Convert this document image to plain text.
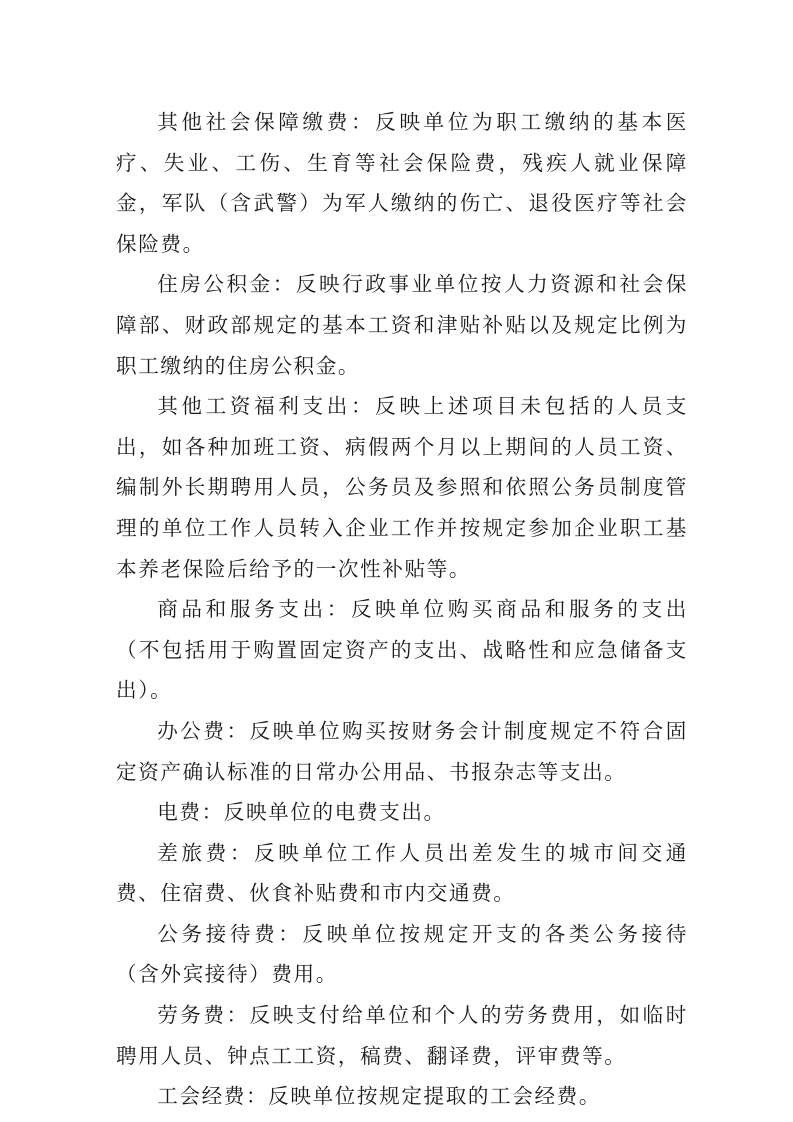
其他社会保障缴费：反映单位为职工缴纳的基本医疗、失业、工伤、生育等社会保险费，残疾人就业保障金，军队（含武警）为军人缴纳的伤亡、退役医疗等社会保险费。

住房公积金：反映行政事业单位按人力资源和社会保障部、财政部规定的基本工资和津贴补贴以及规定比例为职工缴纳的住房公积金。

其他工资福利支出：反映上述项目未包括的人员支出，如各种加班工资、病假两个月以上期间的人员工资、编制外长期聘用人员，公务员及参照和依照公务员制度管理的单位工作人员转入企业工作并按规定参加企业职工基本养老保险后给予的一次性补贴等。

商品和服务支出：反映单位购买商品和服务的支出（不包括用于购置固定资产的支出、战略性和应急储备支出）。

办公费：反映单位购买按财务会计制度规定不符合固定资产确认标准的日常办公用品、书报杂志等支出。

电费：反映单位的电费支出。

差旅费：反映单位工作人员出差发生的城市间交通费、住宿费、伙食补贴费和市内交通费。

公务接待费：反映单位按规定开支的各类公务接待（含外宾接待）费用。

劳务费：反映支付给单位和个人的劳务费用，如临时聘用人员、钟点工工资，稿费、翻译费，评审费等。

工会经费：反映单位按规定提取的工会经费。
